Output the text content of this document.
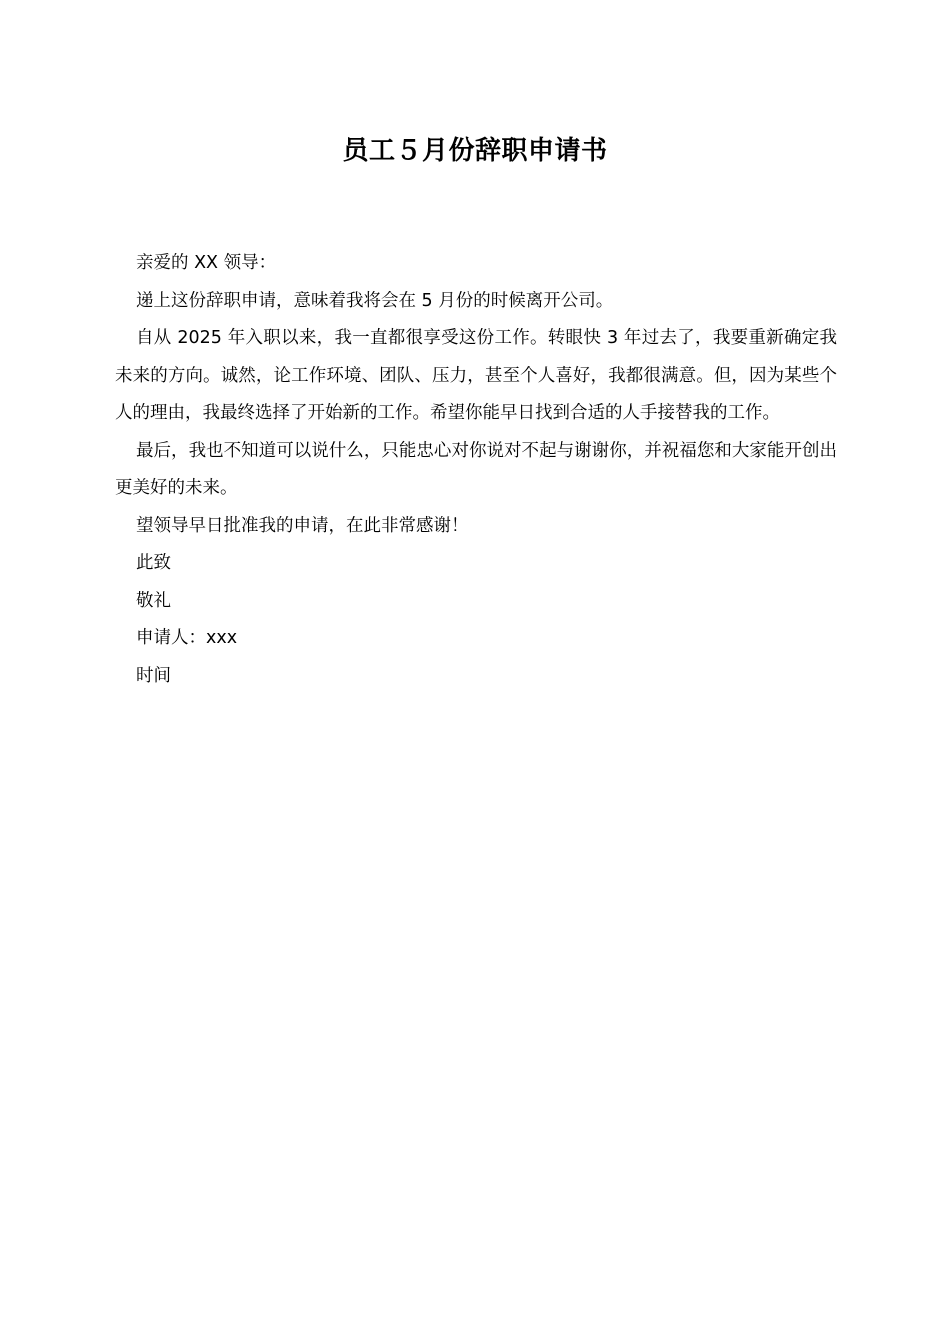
员工５月份辞职申请书

亲爱的 XX 领导：

递上这份辞职申请，意味着我将会在 5 月份的时候离开公司。

自从 2025 年入职以来，我一直都很享受这份工作。转眼快 3 年过去了，我要重新确定我未来的方向。诚然，论工作环境、团队、压力，甚至个人喜好，我都很满意。但，因为某些个人的理由，我最终选择了开始新的工作。希望你能早日找到合适的人手接替我的工作。

最后，我也不知道可以说什么，只能忠心对你说对不起与谢谢你，并祝福您和大家能开创出更美好的未来。

望领导早日批准我的申请，在此非常感谢！

此致

敬礼

申请人：xxx

时间
